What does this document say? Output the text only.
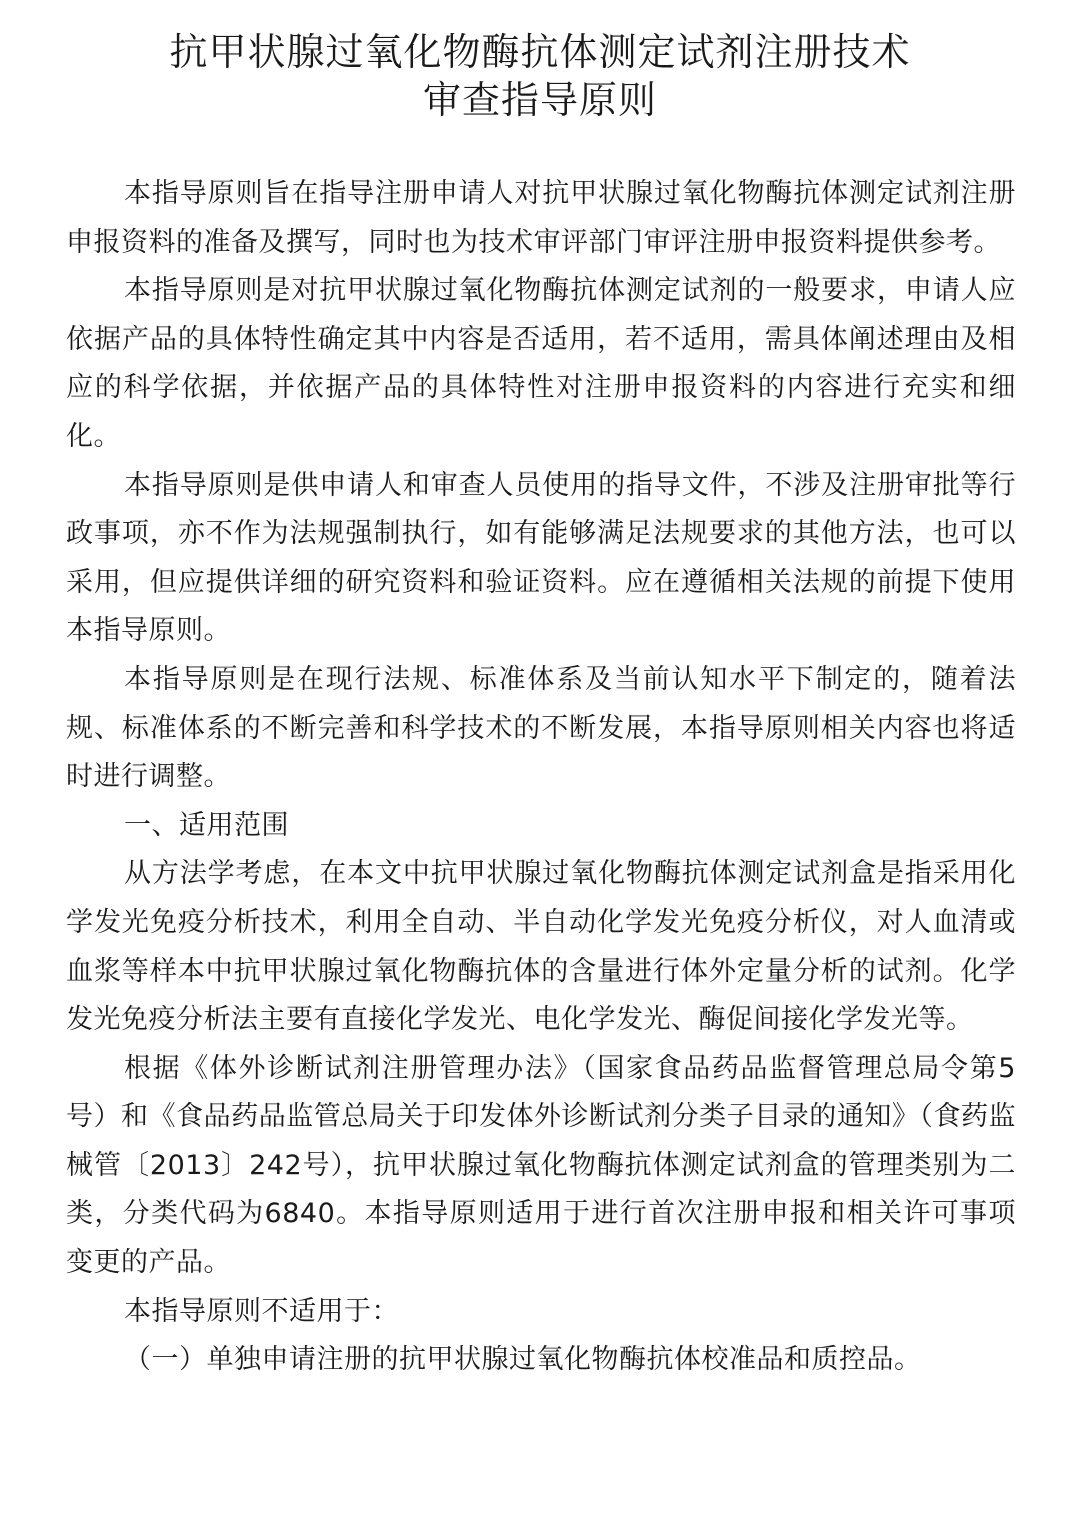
抗甲状腺过氧化物酶抗体测定试剂注册技术
审查指导原则

本指导原则旨在指导注册申请人对抗甲状腺过氧化物酶抗体测定试剂注册申报资料的准备及撰写，同时也为技术审评部门审评注册申报资料提供参考。

本指导原则是对抗甲状腺过氧化物酶抗体测定试剂的一般要求，申请人应依据产品的具体特性确定其中内容是否适用，若不适用，需具体阐述理由及相应的科学依据，并依据产品的具体特性对注册申报资料的内容进行充实和细化。

本指导原则是供申请人和审查人员使用的指导文件，不涉及注册审批等行政事项，亦不作为法规强制执行，如有能够满足法规要求的其他方法，也可以采用，但应提供详细的研究资料和验证资料。应在遵循相关法规的前提下使用本指导原则。

本指导原则是在现行法规、标准体系及当前认知水平下制定的，随着法规、标准体系的不断完善和科学技术的不断发展，本指导原则相关内容也将适时进行调整。

一、适用范围

从方法学考虑，在本文中抗甲状腺过氧化物酶抗体测定试剂盒是指采用化学发光免疫分析技术，利用全自动、半自动化学发光免疫分析仪，对人血清或血浆等样本中抗甲状腺过氧化物酶抗体的含量进行体外定量分析的试剂。化学发光免疫分析法主要有直接化学发光、电化学发光、酶促间接化学发光等。

根据《体外诊断试剂注册管理办法》（国家食品药品监督管理总局令第5号）和《食品药品监管总局关于印发体外诊断试剂分类子目录的通知》（食药监械管〔2013〕242号），抗甲状腺过氧化物酶抗体测定试剂盒的管理类别为二类，分类代码为6840。本指导原则适用于进行首次注册申报和相关许可事项变更的产品。

本指导原则不适用于：

（一）单独申请注册的抗甲状腺过氧化物酶抗体校准品和质控品。
